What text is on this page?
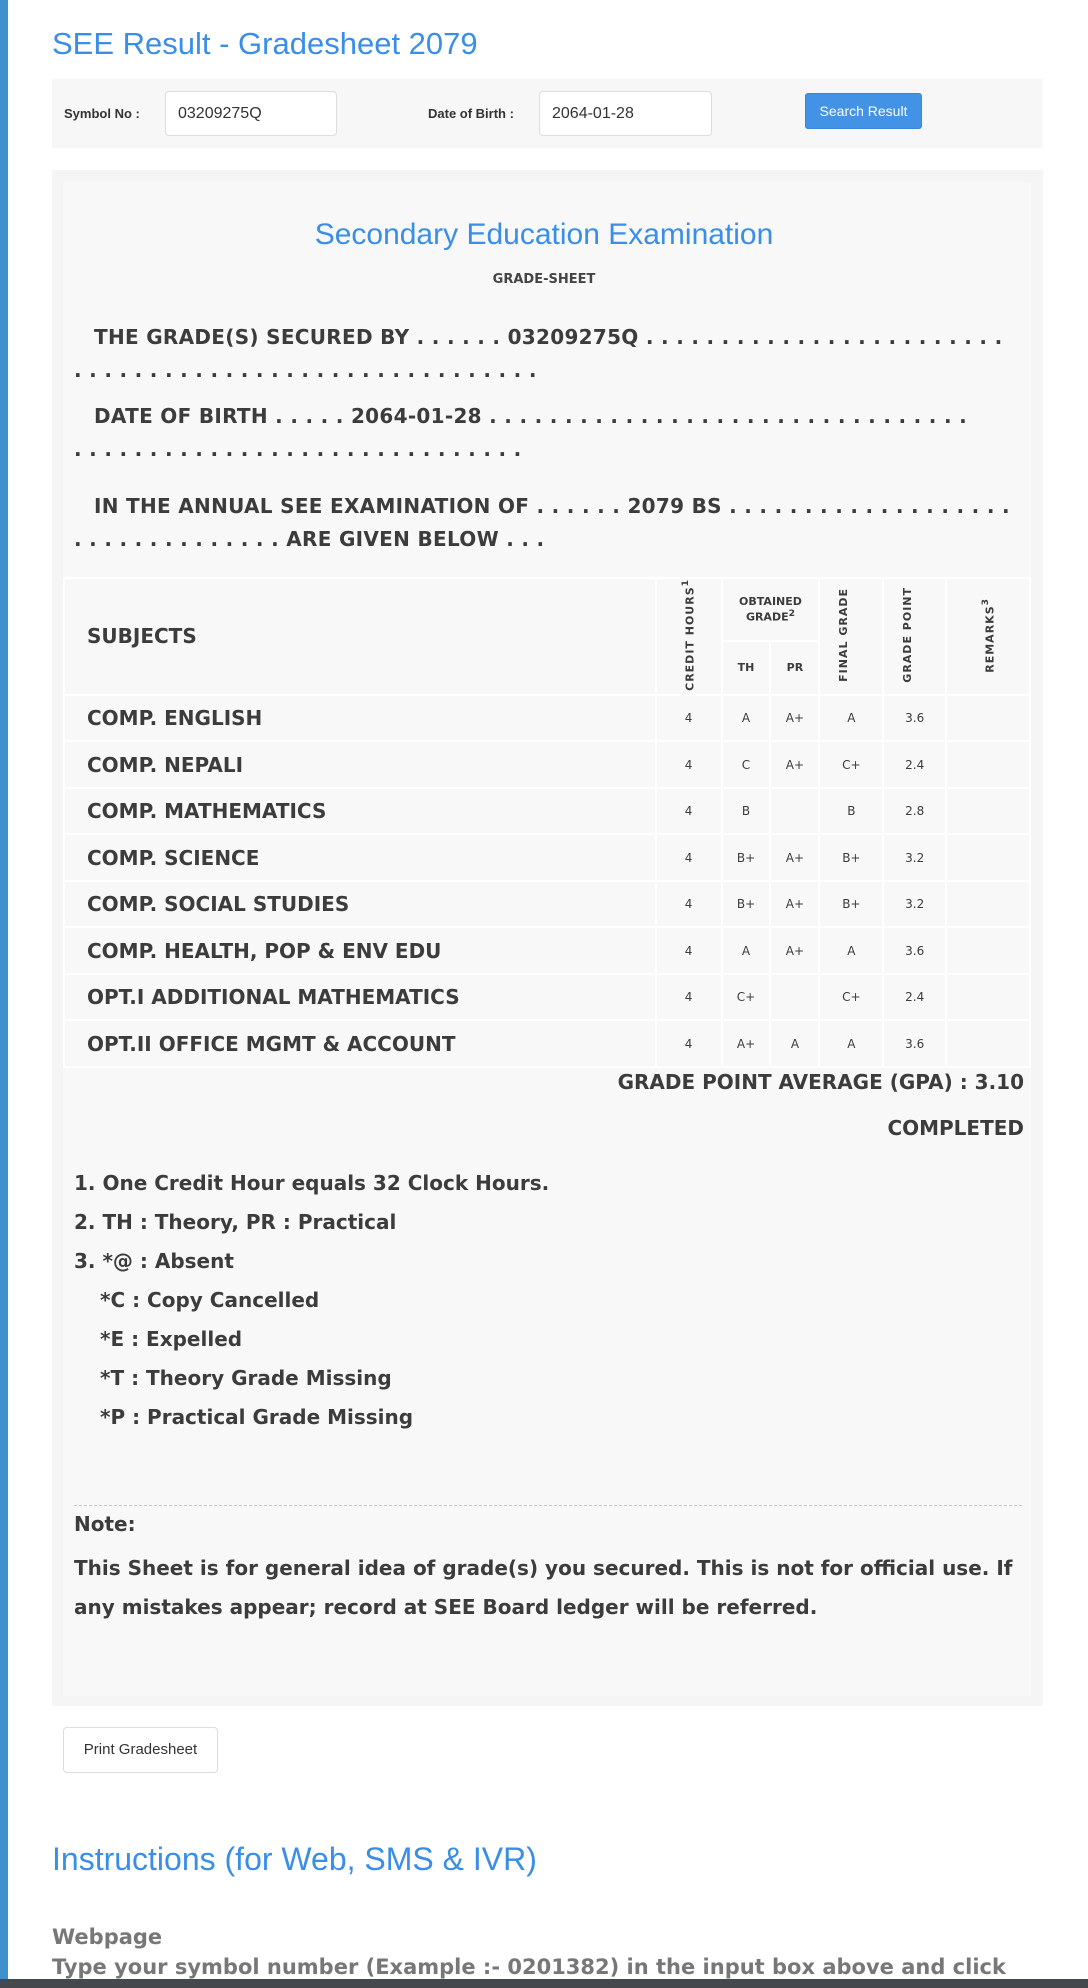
SEE Result - Gradesheet 2079
Symbol No :	03209275Q	Date of Birth :	2064-01-28	Search Result
Secondary Education Examination
GRADE-SHEET
THE GRADE(S) SECURED BY . . . . . . 03209275Q . . . . . . . . . . . . . . . . . . . . . . . .
. . . . . . . . . . . . . . . . . . . . . . . . . . . . . . .
DATE OF BIRTH . . . . . 2064-01-28 . . . . . . . . . . . . . . . . . . . . . . . . . . . . . . . .
. . . . . . . . . . . . . . . . . . . . . . . . . . . . . .
IN THE ANNUAL SEE EXAMINATION OF . . . . . . 2079 BS . . . . . . . . . . . . . . . . . . .
. . . . . . . . . . . . . . ARE GIVEN BELOW . . .
SUBJECTS	CREDIT HOURS$^1$	OBTAINED GRADE$^2$		FINAL GRADE	GRADE POINT	REMARKS$^3$
		TH	PR			
COMP. ENGLISH	4	A	A+	A	3.6	
COMP. NEPALI	4	C	A+	C+	2.4	
COMP. MATHEMATICS	4	B		B	2.8	
COMP. SCIENCE	4	B+	A+	B+	3.2	
COMP. SOCIAL STUDIES	4	B+	A+	B+	3.2	
COMP. HEALTH, POP & ENV EDU	4	A	A+	A	3.6	
OPT.I ADDITIONAL MATHEMATICS	4	C+		C+	2.4	
OPT.II OFFICE MGMT & ACCOUNT	4	A+	A	A	3.6	
GRADE POINT AVERAGE (GPA) : 3.10
COMPLETED
1. One Credit Hour equals 32 Clock Hours.
2. TH : Theory, PR : Practical
3. *@ : Absent
*C : Copy Cancelled
*E : Expelled
*T : Theory Grade Missing
*P : Practical Grade Missing
Note:
This Sheet is for general idea of grade(s) you secured. This is not for official use. If any mistakes appear; record at SEE Board ledger will be referred.
Print Gradesheet
Instructions (for Web, SMS & IVR)
Webpage
Type your symbol number (Example :- 0201382) in the input box above and click
